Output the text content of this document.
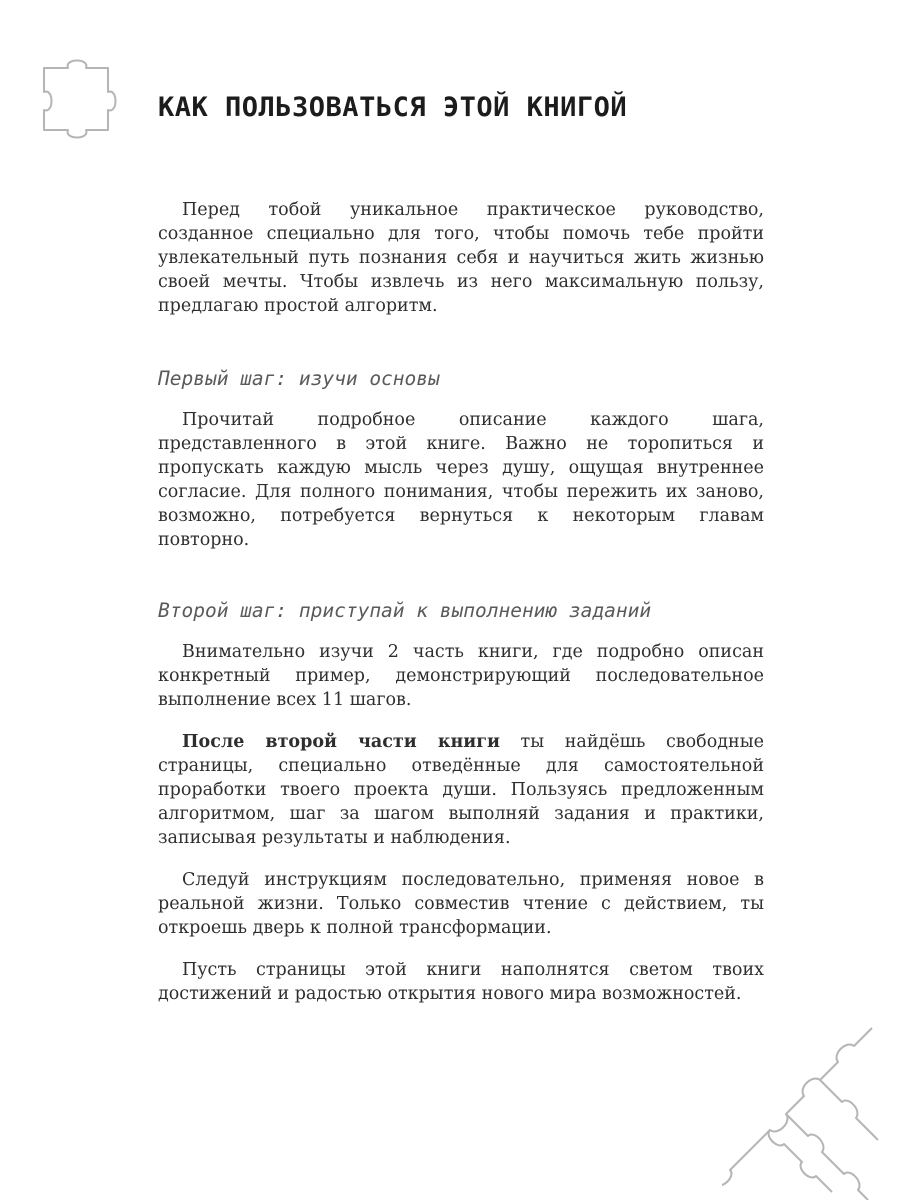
КАК ПОЛЬЗОВАТЬСЯ ЭТОЙ КНИГОЙ

Перед тобой уникальное практическое руководство, созданное специально для того, чтобы помочь тебе пройти увлекательный путь познания себя и научиться жить жизнью своей мечты. Чтобы извлечь из него максимальную пользу, предлагаю простой алгоритм.

Первый шаг: изучи основы

Прочитай подробное описание каждого шага, представленного в этой книге. Важно не торопиться и пропускать каждую мысль через душу, ощущая внутреннее согласие. Для полного понимания, чтобы пережить их заново, возможно, потребуется вернуться к некоторым главам повторно.

Второй шаг: приступай к выполнению заданий

Внимательно изучи 2 часть книги, где подробно описан конкретный пример, демонстрирующий последовательное выполнение всех 11 шагов.

После второй части книги ты найдёшь свободные страницы, специально отведённые для самостоятельной проработки твоего проекта души. Пользуясь предложенным алгоритмом, шаг за шагом выполняй задания и практики, записывая результаты и наблюдения.

Следуй инструкциям последовательно, применяя новое в реальной жизни. Только совместив чтение с действием, ты откроешь дверь к полной трансформации.

Пусть страницы этой книги наполнятся светом твоих достижений и радостью открытия нового мира возможностей.
